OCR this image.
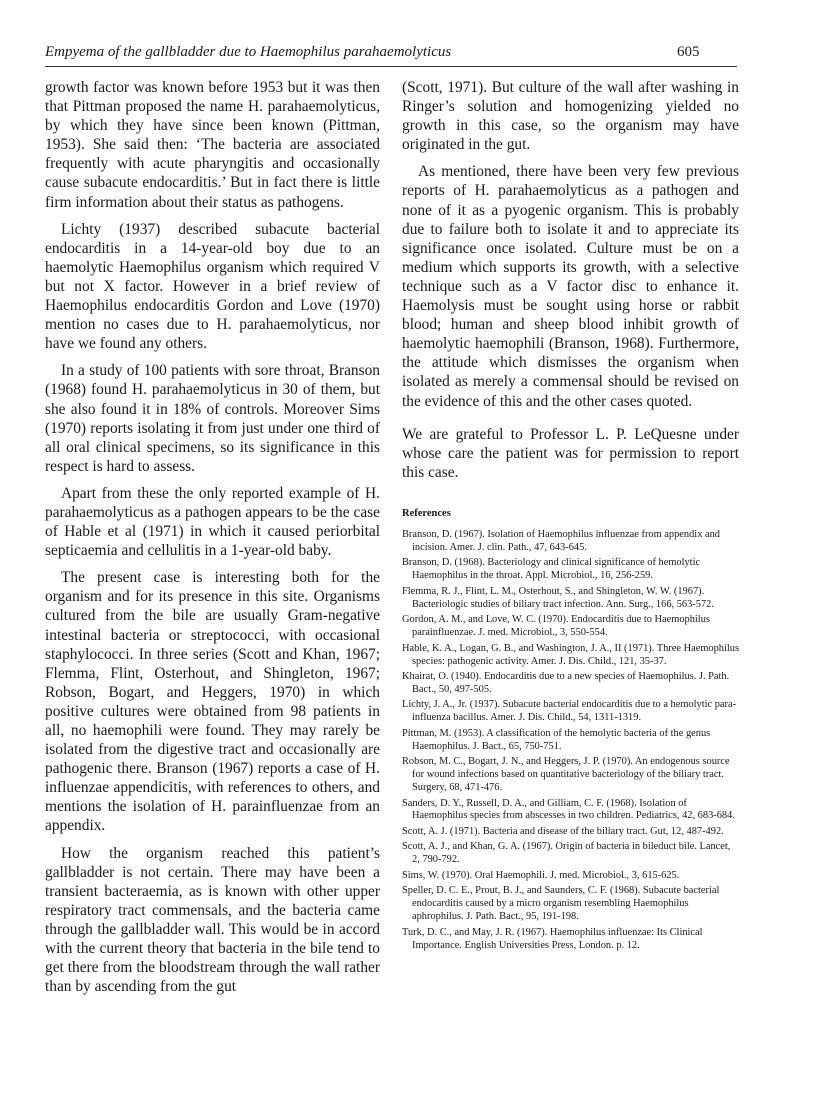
Empyema of the gallbladder due to Haemophilus parahaemolyticus	605

growth factor was known before 1953 but it was then that Pittman proposed the name H. parahaemolyticus, by which they have since been known (Pittman, 1953). She said then: ‘The bacteria are associated frequently with acute pharyngitis and occasionally cause subacute endocarditis.’ But in fact there is little firm information about their status as pathogens.

Lichty (1937) described subacute bacterial endocarditis in a 14-year-old boy due to an haemolytic Haemophilus organism which required V but not X factor. However in a brief review of Haemophilus endocarditis Gordon and Love (1970) mention no cases due to H. parahaemolyticus, nor have we found any others.

In a study of 100 patients with sore throat, Branson (1968) found H. parahaemolyticus in 30 of them, but she also found it in 18% of controls. Moreover Sims (1970) reports isolating it from just under one third of all oral clinical specimens, so its significance in this respect is hard to assess.

Apart from these the only reported example of H. parahaemolyticus as a pathogen appears to be the case of Hable et al (1971) in which it caused periorbital septicaemia and cellulitis in a 1-year-old baby.

The present case is interesting both for the organism and for its presence in this site. Organisms cultured from the bile are usually Gram-negative intestinal bacteria or streptococci, with occasional staphylococci. In three series (Scott and Khan, 1967; Flemma, Flint, Osterhout, and Shingleton, 1967; Robson, Bogart, and Heggers, 1970) in which positive cultures were obtained from 98 patients in all, no haemophili were found. They may rarely be isolated from the digestive tract and occasionally are pathogenic there. Branson (1967) reports a case of H. influenzae appendicitis, with references to others, and mentions the isolation of H. parainfluenzae from an appendix.

How the organism reached this patient’s gallbladder is not certain. There may have been a transient bacteraemia, as is known with other upper respiratory tract commensals, and the bacteria came through the gallbladder wall. This would be in accord with the current theory that bacteria in the bile tend to get there from the bloodstream through the wall rather than by ascending from the gut

(Scott, 1971). But culture of the wall after washing in Ringer’s solution and homogenizing yielded no growth in this case, so the organism may have originated in the gut.

As mentioned, there have been very few previous reports of H. parahaemolyticus as a pathogen and none of it as a pyogenic organism. This is probably due to failure both to isolate it and to appreciate its significance once isolated. Culture must be on a medium which supports its growth, with a selective technique such as a V factor disc to enhance it. Haemolysis must be sought using horse or rabbit blood; human and sheep blood inhibit growth of haemolytic haemophili (Branson, 1968). Furthermore, the attitude which dismisses the organism when isolated as merely a commensal should be revised on the evidence of this and the other cases quoted.

We are grateful to Professor L. P. LeQuesne under whose care the patient was for permission to report this case.

References
Branson, D. (1967). Isolation of Haemophilus influenzae from appendix and incision. Amer. J. clin. Path., 47, 643-645.
Branson, D. (1968). Bacteriology and clinical significance of hemolytic Haemophilus in the throat. Appl. Microbiol., 16, 256-259.
Flemma, R. J., Flint, L. M., Osterhout, S., and Shingleton, W. W. (1967). Bacteriologic studies of biliary tract infection. Ann. Surg., 166, 563-572.
Gordon, A. M., and Love, W. C. (1970). Endocarditis due to Haemophilus parainfluenzae. J. med. Microbiol., 3, 550-554.
Hable, K. A., Logan, G. B., and Washington, J. A., II (1971). Three Haemophilus species: pathogenic activity. Amer. J. Dis. Child., 121, 35-37.
Khairat, O. (1940). Endocarditis due to a new species of Haemophilus. J. Path. Bact., 50, 497-505.
Lichty, J. A., Jr. (1937). Subacute bacterial endocarditis due to a hemolytic para-influenza bacillus. Amer. J. Dis. Child., 54, 1311-1319.
Pittman, M. (1953). A classification of the hemolytic bacteria of the genus Haemophilus. J. Bact., 65, 750-751.
Robson, M. C., Bogart, J. N., and Heggers, J. P. (1970). An endogenous source for wound infections based on quantitative bacteriology of the biliary tract. Surgery, 68, 471-476.
Sanders, D. Y., Russell, D. A., and Gilliam, C. F. (1968). Isolation of Haemophilus species from abscesses in two children. Pediatrics, 42, 683-684.
Scott, A. J. (1971). Bacteria and disease of the biliary tract. Gut, 12, 487-492.
Scott, A. J., and Khan, G. A. (1967). Origin of bacteria in bileduct bile. Lancet, 2, 790-792.
Sims, W. (1970). Oral Haemophili. J. med. Microbiol., 3, 615-625.
Speller, D. C. E., Prout, B. J., and Saunders, C. F. (1968). Subacute bacterial endocarditis caused by a micro organism resembling Haemophilus aphrophilus. J. Path. Bact., 95, 191-198.
Turk, D. C., and May, J. R. (1967). Haemophilus influenzae: Its Clinical Importance. English Universities Press, London. p. 12.
